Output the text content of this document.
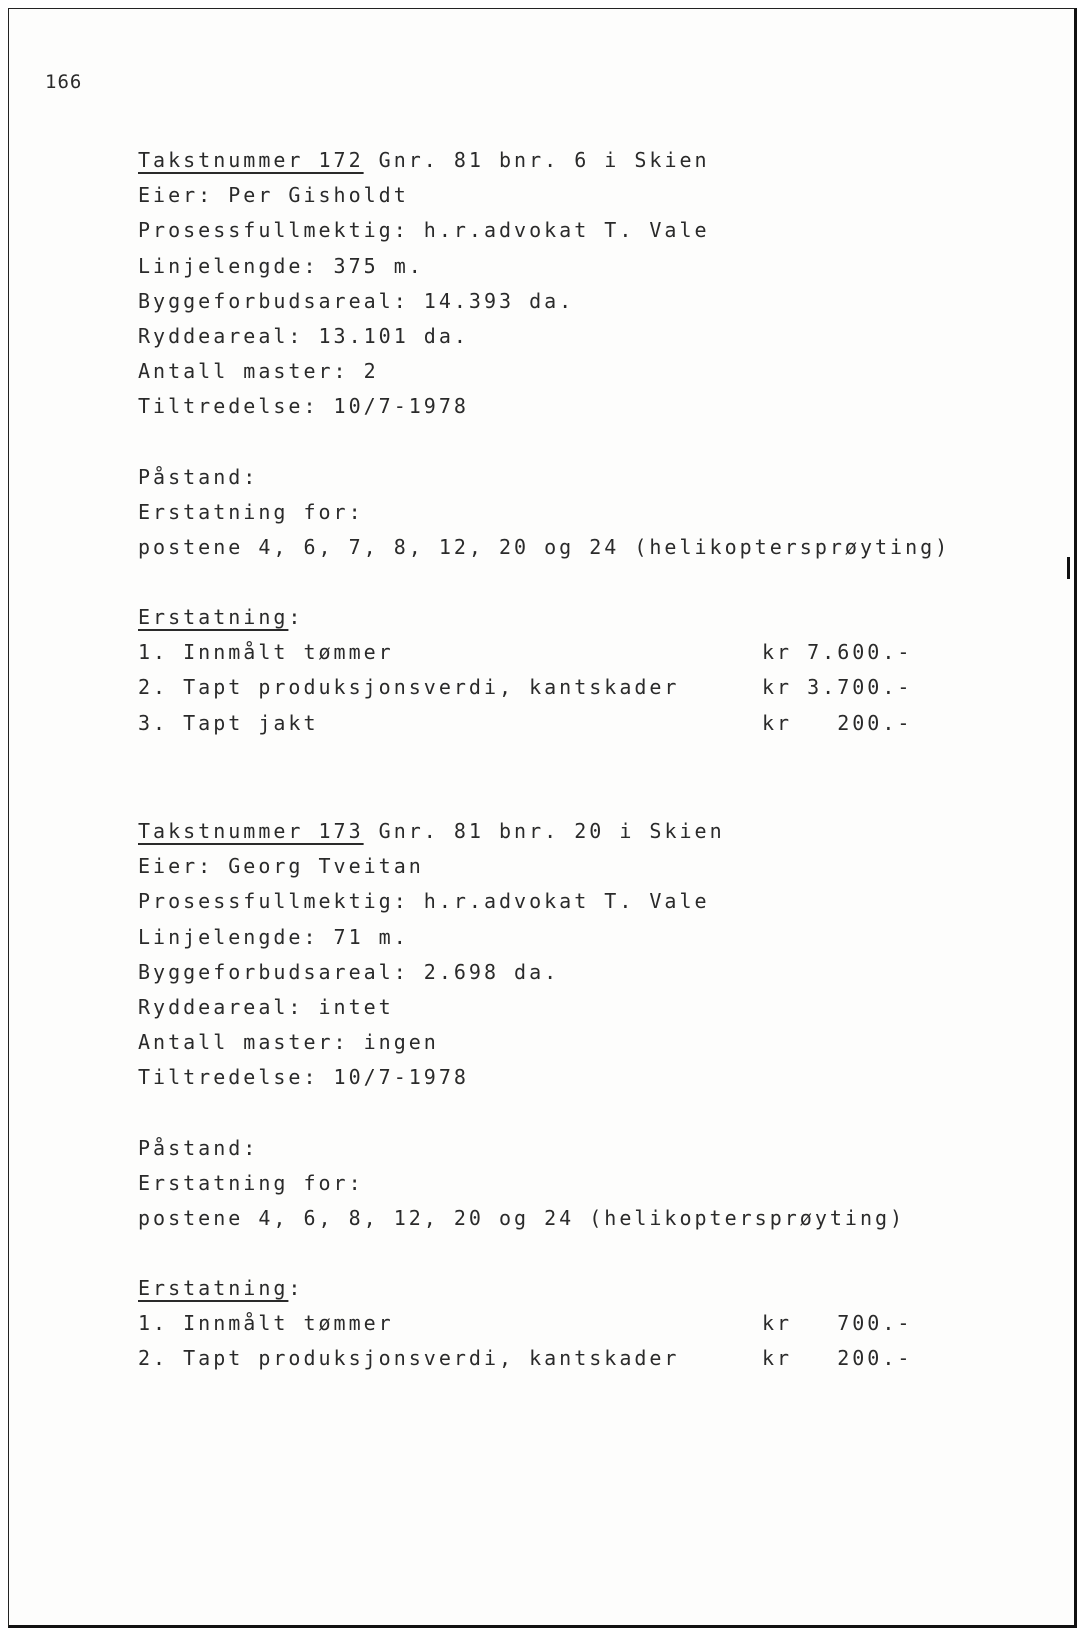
166
Takstnummer 172 Gnr. 81 bnr. 6 i Skien
Eier: Per Gisholdt
Prosessfullmektig: h.r.advokat T. Vale
Linjelengde: 375 m.
Byggeforbudsareal: 14.393 da.
Ryddeareal: 13.101 da.
Antall master: 2
Tiltredelse: 10/7-1978
Påstand:
Erstatning for:
postene 4, 6, 7, 8, 12, 20 og 24 (helikoptersprøyting)
Erstatning:
1. Innmålt tømmer	kr 7.600.-
2. Tapt produksjonsverdi, kantskader	kr 3.700.-
3. Tapt jakt	kr   200.-
Takstnummer 173 Gnr. 81 bnr. 20 i Skien
Eier: Georg Tveitan
Prosessfullmektig: h.r.advokat T. Vale
Linjelengde: 71 m.
Byggeforbudsareal: 2.698 da.
Ryddeareal: intet
Antall master: ingen
Tiltredelse: 10/7-1978
Påstand:
Erstatning for:
postene 4, 6, 8, 12, 20 og 24 (helikoptersprøyting)
Erstatning:
1. Innmålt tømmer	kr   700.-
2. Tapt produksjonsverdi, kantskader	kr   200.-
